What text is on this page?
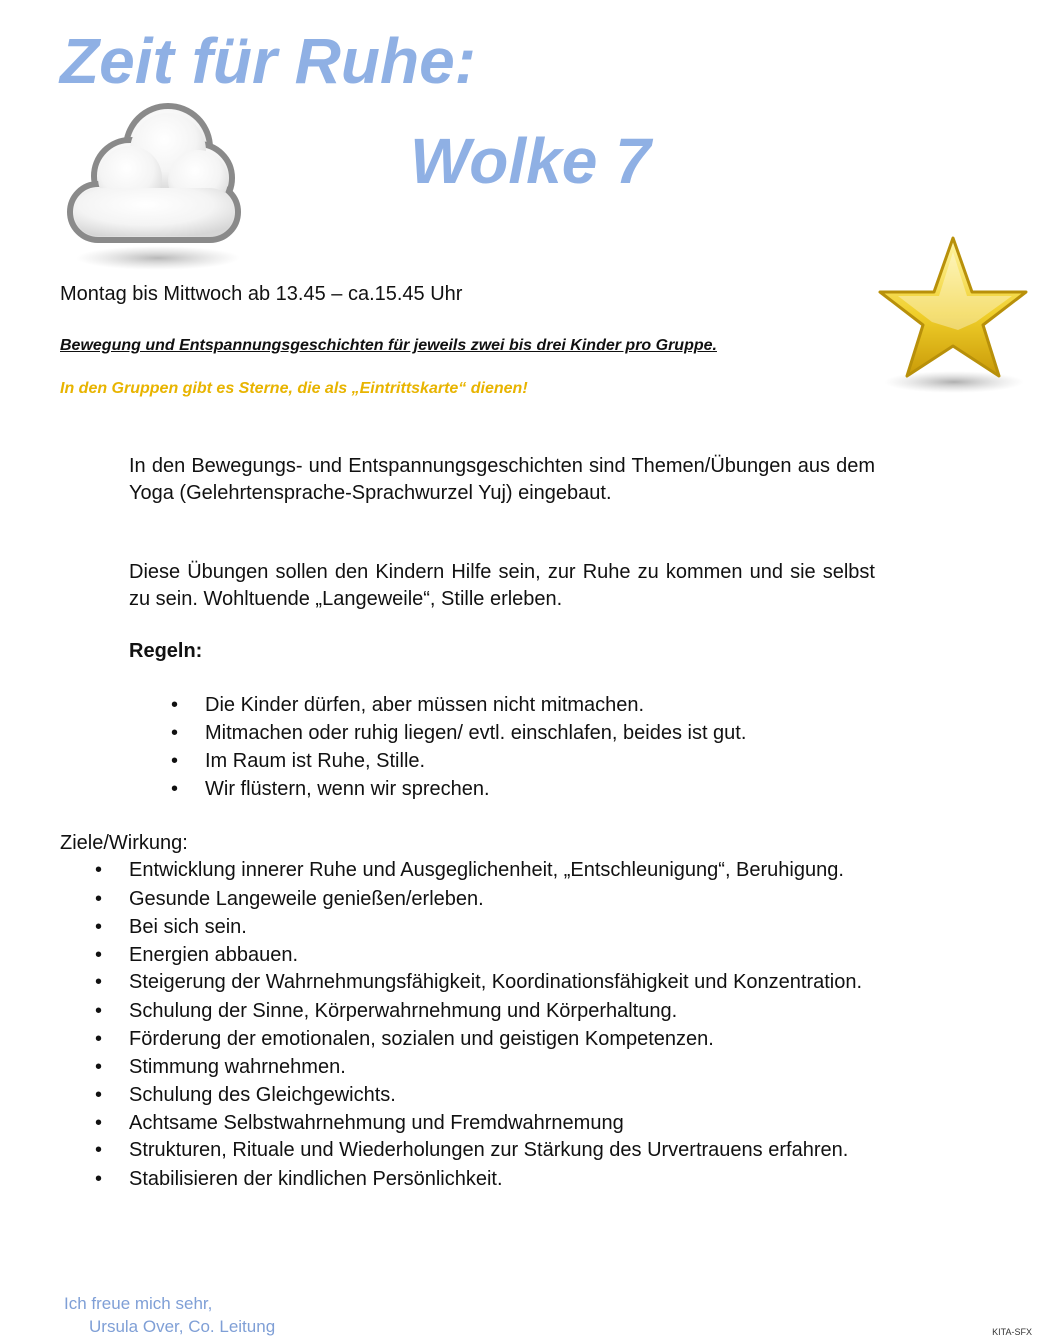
Zeit für Ruhe:
Wolke 7
Montag bis Mittwoch ab 13.45 – ca.15.45 Uhr
Bewegung und Entspannungsgeschichten für jeweils zwei bis drei Kinder pro Gruppe.
In den Gruppen gibt es Sterne, die als „Eintrittskarte“ dienen!
In den Bewegungs- und Entspannungsgeschichten sind Themen/Übungen aus dem Yoga (Gelehrtensprache-Sprachwurzel Yuj) eingebaut.
Diese Übungen sollen den Kindern Hilfe sein, zur Ruhe zu kommen und sie selbst zu sein. Wohltuende „Langeweile“, Stille erleben.
Regeln:
• Die Kinder dürfen, aber müssen nicht mitmachen.
• Mitmachen oder ruhig liegen/ evtl. einschlafen, beides ist gut.
• Im Raum ist Ruhe, Stille.
• Wir flüstern, wenn wir sprechen.
Ziele/Wirkung:
• Entwicklung innerer Ruhe und Ausgeglichenheit, „Entschleunigung“, Beruhigung.
• Gesunde Langeweile genießen/erleben.
• Bei sich sein.
• Energien abbauen.
• Steigerung der Wahrnehmungsfähigkeit, Koordinationsfähigkeit und Konzentration.
• Schulung der Sinne, Körperwahrnehmung und Körperhaltung.
• Förderung der emotionalen, sozialen und geistigen Kompetenzen.
• Stimmung wahrnehmen.
• Schulung des Gleichgewichts.
• Achtsame Selbstwahrnehmung und Fremdwahrnemung
• Strukturen, Rituale und Wiederholungen zur Stärkung des Urvertrauens erfahren.
• Stabilisieren der kindlichen Persönlichkeit.
Ich freue mich sehr,
Ursula Over, Co. Leitung	KITA-SFX
